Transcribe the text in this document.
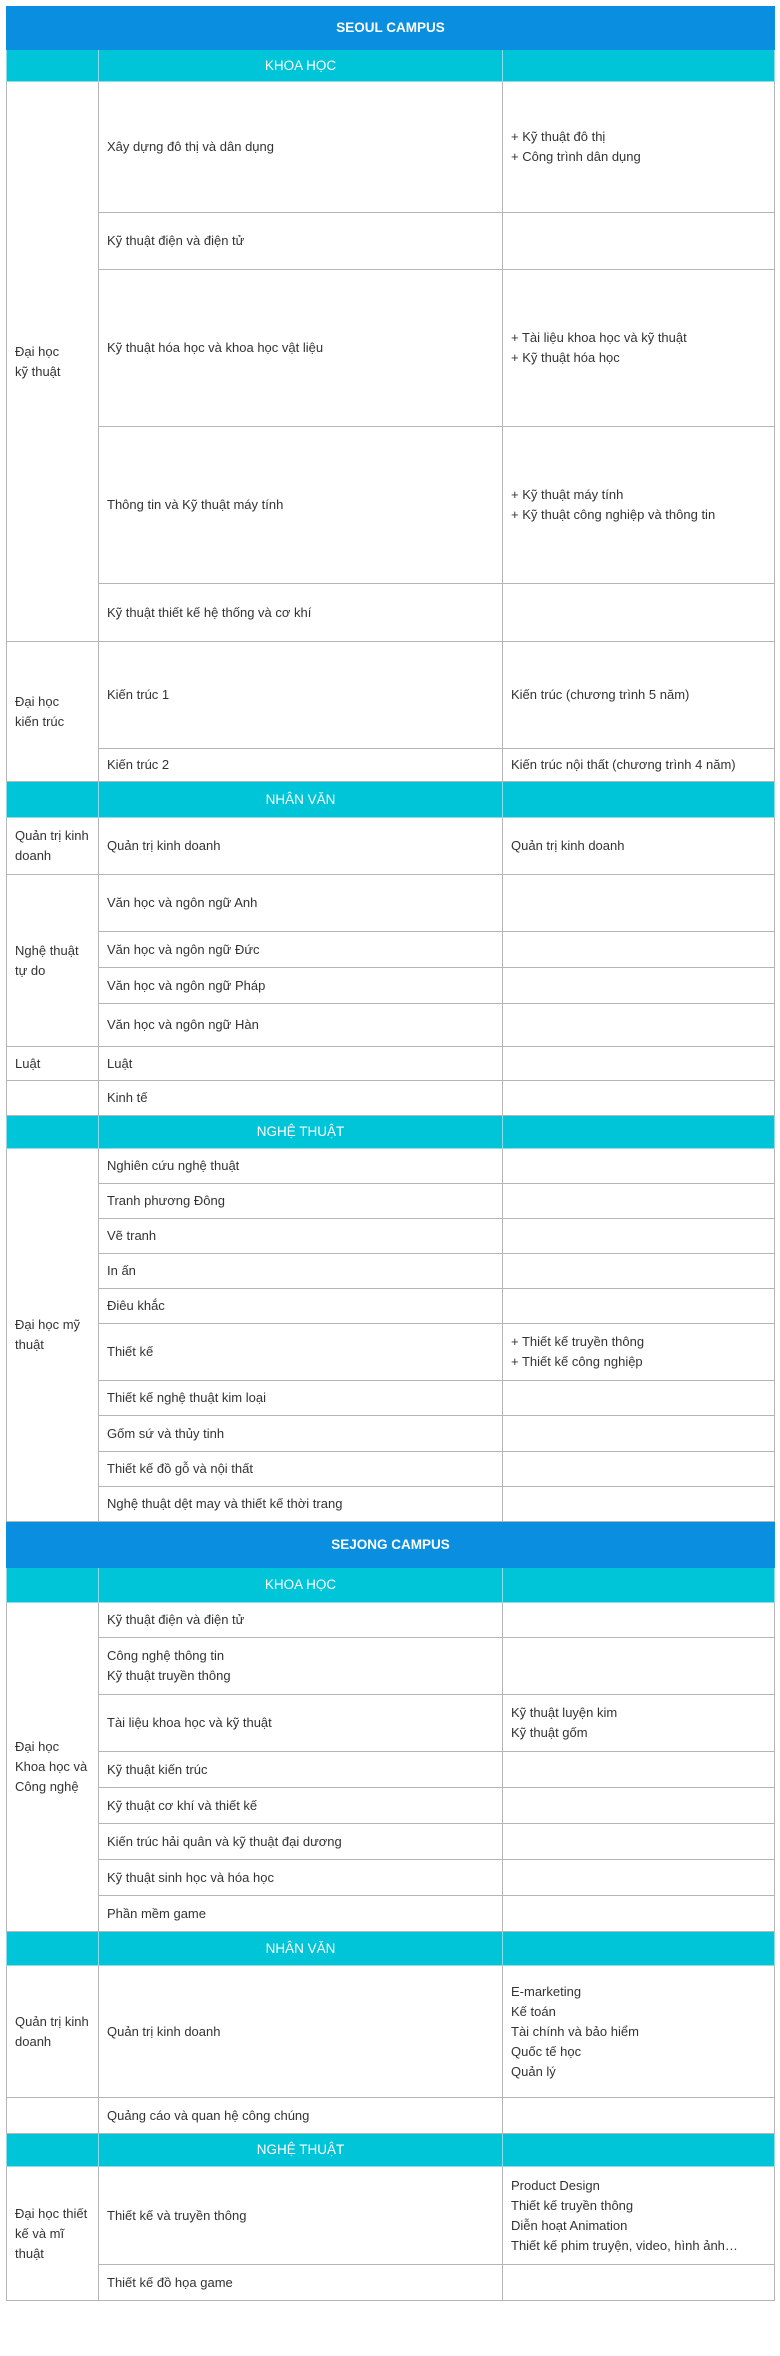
SEOUL CAMPUS		
	KHOA HỌC	
Đại học
kỹ thuật	Xây dựng đô thị và dân dụng	+ Kỹ thuật đô thị
+ Công trình dân dụng
	Kỹ thuật điện và điện tử	
	Kỹ thuật hóa học và khoa học vật liệu	+ Tài liệu khoa học và kỹ thuật
+ Kỹ thuật hóa học
	Thông tin và Kỹ thuật máy tính	+ Kỹ thuật máy tính
+ Kỹ thuật công nghiệp và thông tin
	Kỹ thuật thiết kế hệ thống và cơ khí	
Đại học
kiến trúc	Kiến trúc 1	Kiến trúc (chương trình 5 năm)
	Kiến trúc 2	Kiến trúc nội thất (chương trình 4 năm)
	NHÂN VĂN	
Quản trị kinh
doanh	Quản trị kinh doanh	Quản trị kinh doanh
Nghệ thuật
tự do	Văn học và ngôn ngữ Anh	
	Văn học và ngôn ngữ Đức	
	Văn học và ngôn ngữ Pháp	
	Văn học và ngôn ngữ Hàn	
Luật	Luật	
	Kinh tế	
	NGHỆ THUẬT	
Đại học mỹ
thuật	Nghiên cứu nghệ thuật	
	Tranh phương Đông	
	Vẽ tranh	
	In ấn	
	Điêu khắc	
	Thiết kế	+ Thiết kế truyền thông
+ Thiết kế công nghiệp
	Thiết kế nghệ thuật kim loại	
	Gốm sứ và thủy tinh	
	Thiết kế đồ gỗ và nội thất	
	Nghệ thuật dệt may và thiết kế thời trang	
SEJONG CAMPUS		
	KHOA HỌC	
Đại học
Khoa học và
Công nghệ	Kỹ thuật điện và điện tử	
	Công nghệ thông tin
Kỹ thuật truyền thông	
	Tài liệu khoa học và kỹ thuật	Kỹ thuật luyện kim
Kỹ thuật gốm
	Kỹ thuật kiến trúc	
	Kỹ thuật cơ khí và thiết kế	
	Kiến trúc hải quân và kỹ thuật đại dương	
	Kỹ thuật sinh học và hóa học	
	Phần mềm game	
	NHÂN VĂN	
Quản trị kinh
doanh	Quản trị kinh doanh	E-marketing
Kế toán
Tài chính và bảo hiểm
Quốc tế học
Quản lý
	Quảng cáo và quan hệ công chúng	
	NGHỆ THUẬT	
Đại học thiết
kế và mĩ
thuật	Thiết kế và truyền thông	Product Design
Thiết kế truyền thông
Diễn hoạt Animation
Thiết kế phim truyện, video, hình ảnh…
	Thiết kế đồ họa game	
